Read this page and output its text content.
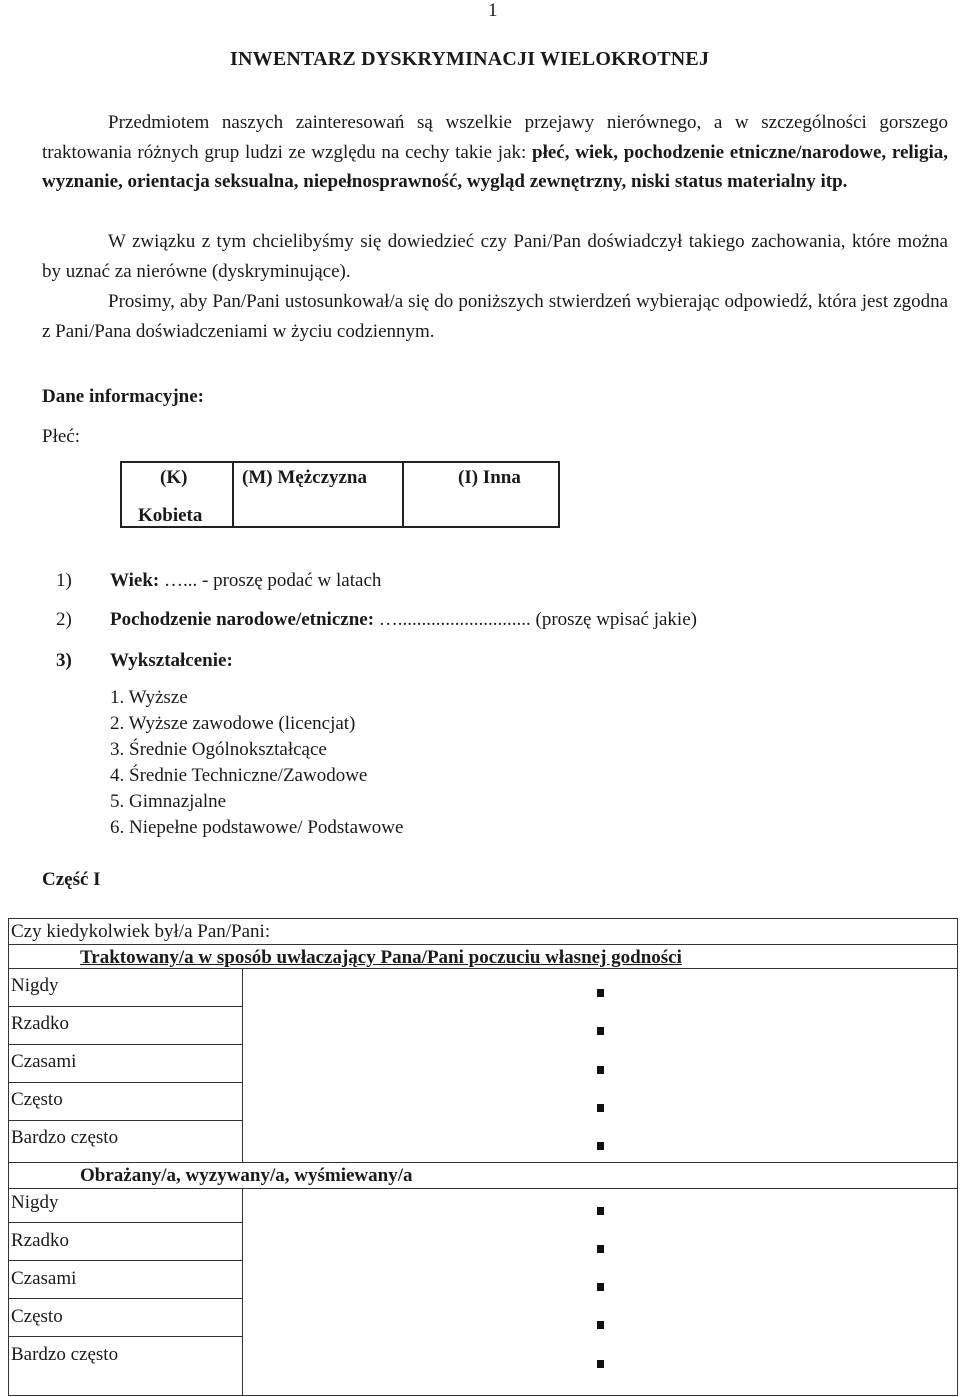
1
INWENTARZ DYSKRYMINACJI WIELOKROTNEJ
Przedmiotem naszych zainteresowań są wszelkie przejawy nierównego, a w szczególności gorszego traktowania różnych grup ludzi ze względu na cechy takie jak: płeć, wiek, pochodzenie etniczne/narodowe, religia, wyznanie, orientacja seksualna, niepełnosprawność, wygląd zewnętrzny, niski status materialny itp.
W związku z tym chcielibyśmy się dowiedzieć czy Pani/Pan doświadczył takiego zachowania, które można by uznać za nierówne (dyskryminujące).
Prosimy, aby Pan/Pani ustosunkował/a się do poniższych stwierdzeń wybierając odpowiedź, która jest zgodna z Pani/Pana doświadczeniami w życiu codziennym.
Dane informacyjne:
Płeć:
(K)
Kobieta
(M) Mężczyzna	(I) Inna
1) Wiek: …... - proszę podać w latach
2) Pochodzenie narodowe/etniczne: …............................ (proszę wpisać jakie)
3) Wykształcenie:
1. Wyższe
2. Wyższe zawodowe (licencjat)
3. Średnie Ogólnokształcące
4. Średnie Techniczne/Zawodowe
5. Gimnazjalne
6. Niepełne podstawowe/ Podstawowe
Część I
Czy kiedykolwiek był/a Pan/Pani:
Traktowany/a w sposób uwłaczający Pana/Pani poczuciu własnej godności
Nigdy
Rzadko
Czasami
Często
Bardzo często
Obrażany/a, wyzywany/a, wyśmiewany/a
Nigdy
Rzadko
Czasami
Często
Bardzo często
